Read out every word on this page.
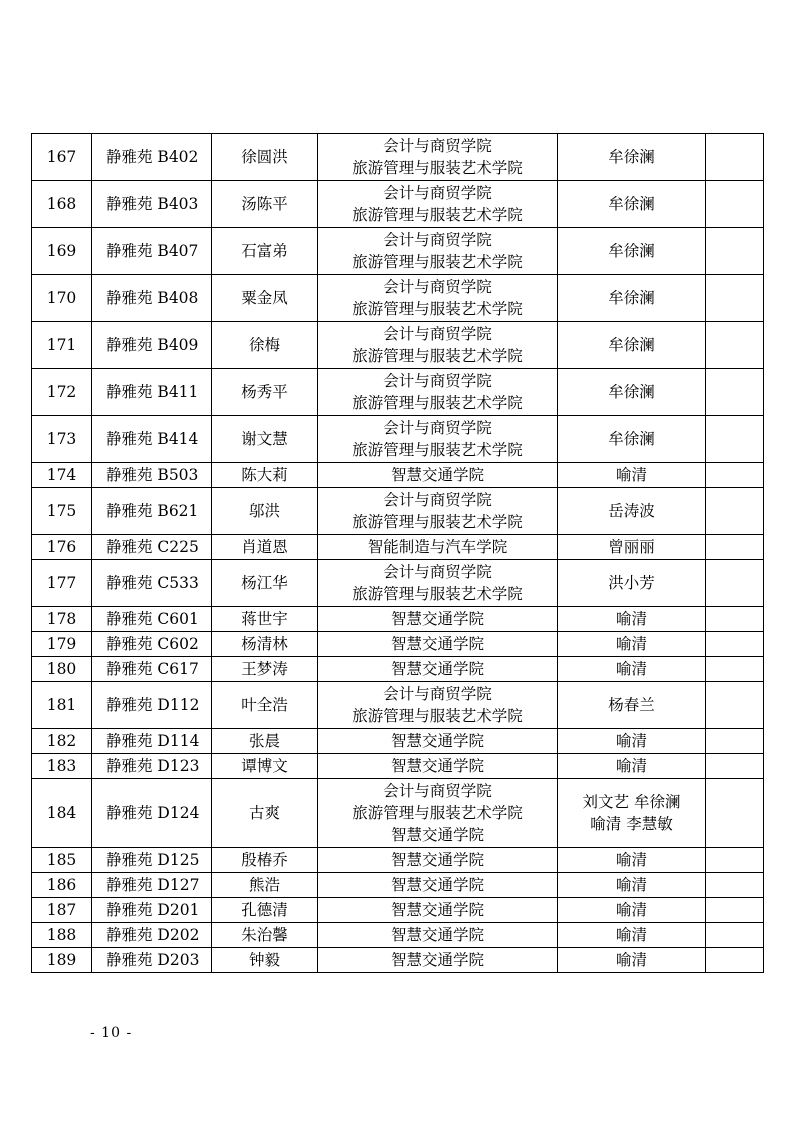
167	静雅苑 B402	徐圆洪	会计与商贸学院
旅游管理与服装艺术学院	牟徐澜	

168	静雅苑 B403	汤陈平	会计与商贸学院
旅游管理与服装艺术学院	牟徐澜	

169	静雅苑 B407	石富弟	会计与商贸学院
旅游管理与服装艺术学院	牟徐澜	

170	静雅苑 B408	粟金凤	会计与商贸学院
旅游管理与服装艺术学院	牟徐澜	

171	静雅苑 B409	徐梅	会计与商贸学院
旅游管理与服装艺术学院	牟徐澜	

172	静雅苑 B411	杨秀平	会计与商贸学院
旅游管理与服装艺术学院	牟徐澜	

173	静雅苑 B414	谢文慧	会计与商贸学院
旅游管理与服装艺术学院	牟徐澜	

174	静雅苑 B503	陈大莉	智慧交通学院	喻清	

175	静雅苑 B621	邬洪	会计与商贸学院
旅游管理与服装艺术学院	岳涛波	

176	静雅苑 C225	肖道恩	智能制造与汽车学院	曾丽丽	

177	静雅苑 C533	杨江华	会计与商贸学院
旅游管理与服装艺术学院	洪小芳	

178	静雅苑 C601	蒋世宇	智慧交通学院	喻清	

179	静雅苑 C602	杨清林	智慧交通学院	喻清	

180	静雅苑 C617	王梦涛	智慧交通学院	喻清	

181	静雅苑 D112	叶全浩	会计与商贸学院
旅游管理与服装艺术学院	杨春兰	

182	静雅苑 D114	张晨	智慧交通学院	喻清	

183	静雅苑 D123	谭博文	智慧交通学院	喻清	

184	静雅苑 D124	古爽	会计与商贸学院
旅游管理与服装艺术学院
智慧交通学院	刘文艺 牟徐澜
喻清 李慧敏	

185	静雅苑 D125	殷椿乔	智慧交通学院	喻清	

186	静雅苑 D127	熊浩	智慧交通学院	喻清	

187	静雅苑 D201	孔德清	智慧交通学院	喻清	

188	静雅苑 D202	朱治馨	智慧交通学院	喻清	

189	静雅苑 D203	钟毅	智慧交通学院	喻清	

- 10 -
